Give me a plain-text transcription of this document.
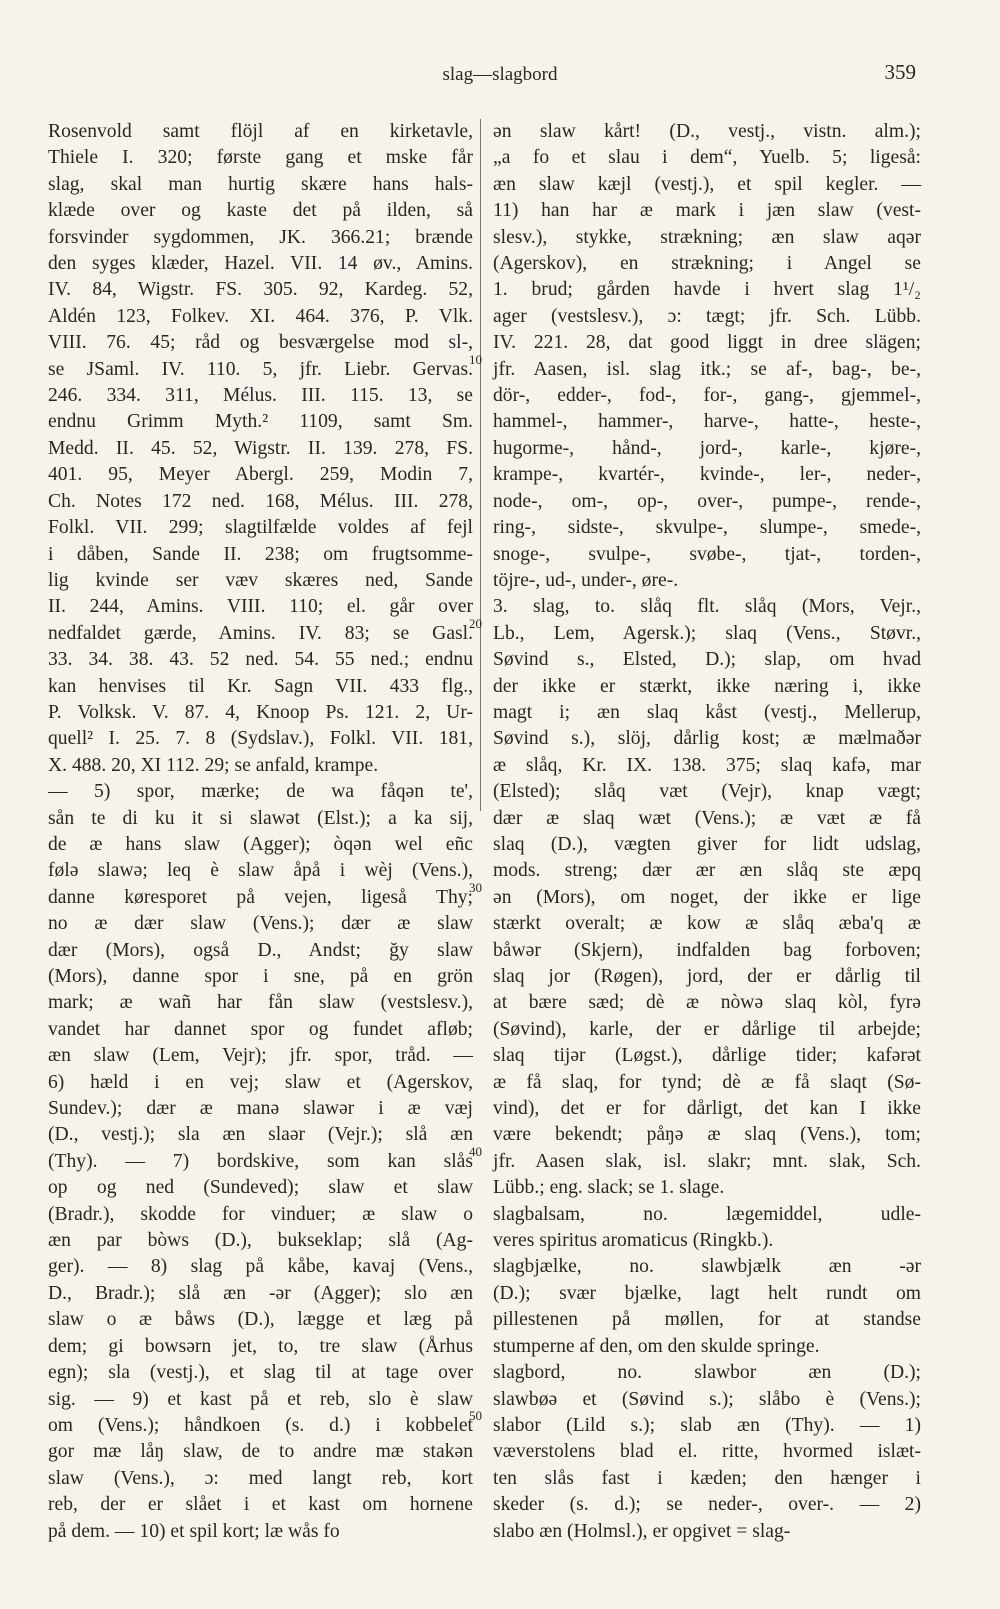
slag—slagbord	359
10
20
30
40
50
Rosenvold samt flöjl af en kirketavle,
Thiele I. 320; første gang et mske får
slag, skal man hurtig skære hans hals-
klæde over og kaste det på ilden, så
forsvinder sygdommen, JK. 366.21; brænde
den syges klæder, Hazel. VII. 14 øv., Amins.
IV. 84, Wigstr. FS. 305. 92, Kardeg. 52,
Aldén 123, Folkev. XI. 464. 376, P. Vlk.
VIII. 76. 45; råd og besværgelse mod sl-,
se JSaml. IV. 110. 5, jfr. Liebr. Gervas.
246. 334. 311, Mélus. III. 115. 13, se
endnu Grimm Myth.² 1109, samt Sm.
Medd. II. 45. 52, Wigstr. II. 139. 278, FS.
401. 95, Meyer Abergl. 259, Modin 7,
Ch. Notes 172 ned. 168, Mélus. III. 278,
Folkl. VII. 299; slagtilfælde voldes af fejl
i dåben, Sande II. 238; om frugtsomme-
lig kvinde ser væv skæres ned, Sande
II. 244, Amins. VIII. 110; el. går over
nedfaldet gærde, Amins. IV. 83; se Gasl.
33. 34. 38. 43. 52 ned. 54. 55 ned.; endnu
kan henvises til Kr. Sagn VII. 433 flg.,
P. Volksk. V. 87. 4, Knoop Ps. 121. 2, Ur-
quell² I. 25. 7. 8 (Sydslav.), Folkl. VII. 181,
X. 488. 20, XI 112. 29; se anfald, krampe.
— 5) spor, mærke; de wa fåqən te',
sån te di ku it si slawət (Elst.); a ka sij,
de æ hans slaw (Agger); òqən wel eñc
følə slawə; leq è slaw åpå i wèj (Vens.),
danne køresporet på vejen, ligeså Thy;
no æ dær slaw (Vens.); dær æ slaw
dær (Mors), også D., Andst; ğy slaw
(Mors), danne spor i sne, på en grön
mark; æ wañ har fån slaw (vestslesv.),
vandet har dannet spor og fundet afløb;
æn slaw (Lem, Vejr); jfr. spor, tråd. —
6) hæld i en vej; slaw et (Agerskov,
Sundev.); dær æ manə slawər i æ væj
(D., vestj.); sla æn slaər (Vejr.); slå æn
(Thy). — 7) bordskive, som kan slås
op og ned (Sundeved); slaw et slaw
(Bradr.), skodde for vinduer; æ slaw o
æn par bòws (D.), bukseklap; slå (Ag-
ger). — 8) slag på kåbe, kavaj (Vens.,
D., Bradr.); slå æn -ər (Agger); slo æn
slaw o æ båws (D.), lægge et læg på
dem; gi bowsərn jet, to, tre slaw (Århus
egn); sla (vestj.), et slag til at tage over
sig. — 9) et kast på et reb, slo è slaw
om (Vens.); håndkoen (s. d.) i kobbelet
gor mæ låŋ slaw, de to andre mæ stakən
slaw (Vens.), ɔ: med langt reb, kort
reb, der er slået i et kast om hornene
på dem. — 10) et spil kort; læ wås fo
ən slaw kårt! (D., vestj., vistn. alm.);
„a fo et slau i dem“, Yuelb. 5; ligeså:
æn slaw kæjl (vestj.), et spil kegler. —
11) han har æ mark i jæn slaw (vest-
slesv.), stykke, strækning; æn slaw aqər
(Agerskov), en strækning; i Angel se
1. brud; gården havde i hvert slag 1¹/₂
ager (vestslesv.), ɔ: tægt; jfr. Sch. Lübb.
IV. 221. 28, dat good liggt in dree slägen;
jfr. Aasen, isl. slag itk.; se af-, bag-, be-,
dör-, edder-, fod-, for-, gang-, gjemmel-,
hammel-, hammer-, harve-, hatte-, heste-,
hugorme-, hånd-, jord-, karle-, kjøre-,
krampe-, kvartér-, kvinde-, ler-, neder-,
node-, om-, op-, over-, pumpe-, rende-,
ring-, sidste-, skvulpe-, slumpe-, smede-,
snoge-, svulpe-, svøbe-, tjat-, torden-,
töjre-, ud-, under-, øre-.
3. slag, to. slåq flt. slåq (Mors, Vejr.,
Lb., Lem, Agersk.); slaq (Vens., Støvr.,
Søvind s., Elsted, D.); slap, om hvad
der ikke er stærkt, ikke næring i, ikke
magt i; æn slaq kåst (vestj., Mellerup,
Søvind s.), slöj, dårlig kost; æ mælmaðər
æ slåq, Kr. IX. 138. 375; slaq kafə, mar
(Elsted); slåq væt (Vejr), knap vægt;
dær æ slaq wæt (Vens.); æ væt æ få
slaq (D.), vægten giver for lidt udslag,
mods. streng; dær ær æn slåq ste æpq
ən (Mors), om noget, der ikke er lige
stærkt overalt; æ kow æ slåq æba'q æ
båwər (Skjern), indfalden bag forboven;
slaq jor (Røgen), jord, der er dårlig til
at bære sæd; dè æ nòwə slaq kòl, fyrə
(Søvind), karle, der er dårlige til arbejde;
slaq tijər (Løgst.), dårlige tider; kafərət
æ få slaq, for tynd; dè æ få slaqt (Sø-
vind), det er for dårligt, det kan I ikke
være bekendt; påŋə æ slaq (Vens.), tom;
jfr. Aasen slak, isl. slakr; mnt. slak, Sch.
Lübb.; eng. slack; se 1. slage.
slagbalsam, no. lægemiddel, udle-
veres spiritus aromaticus (Ringkb.).
slagbjælke, no. slawbjælk æn -ər
(D.); svær bjælke, lagt helt rundt om
pillestenen på møllen, for at standse
stumperne af den, om den skulde springe.
slagbord, no. slawbor æn (D.);
slawbøə et (Søvind s.); slåbo è (Vens.);
slabor (Lild s.); slab æn (Thy). — 1)
væverstolens blad el. ritte, hvormed islæt-
ten slås fast i kæden; den hænger i
skeder (s. d.); se neder-, over-. — 2)
slabo æn (Holmsl.), er opgivet = slag-
